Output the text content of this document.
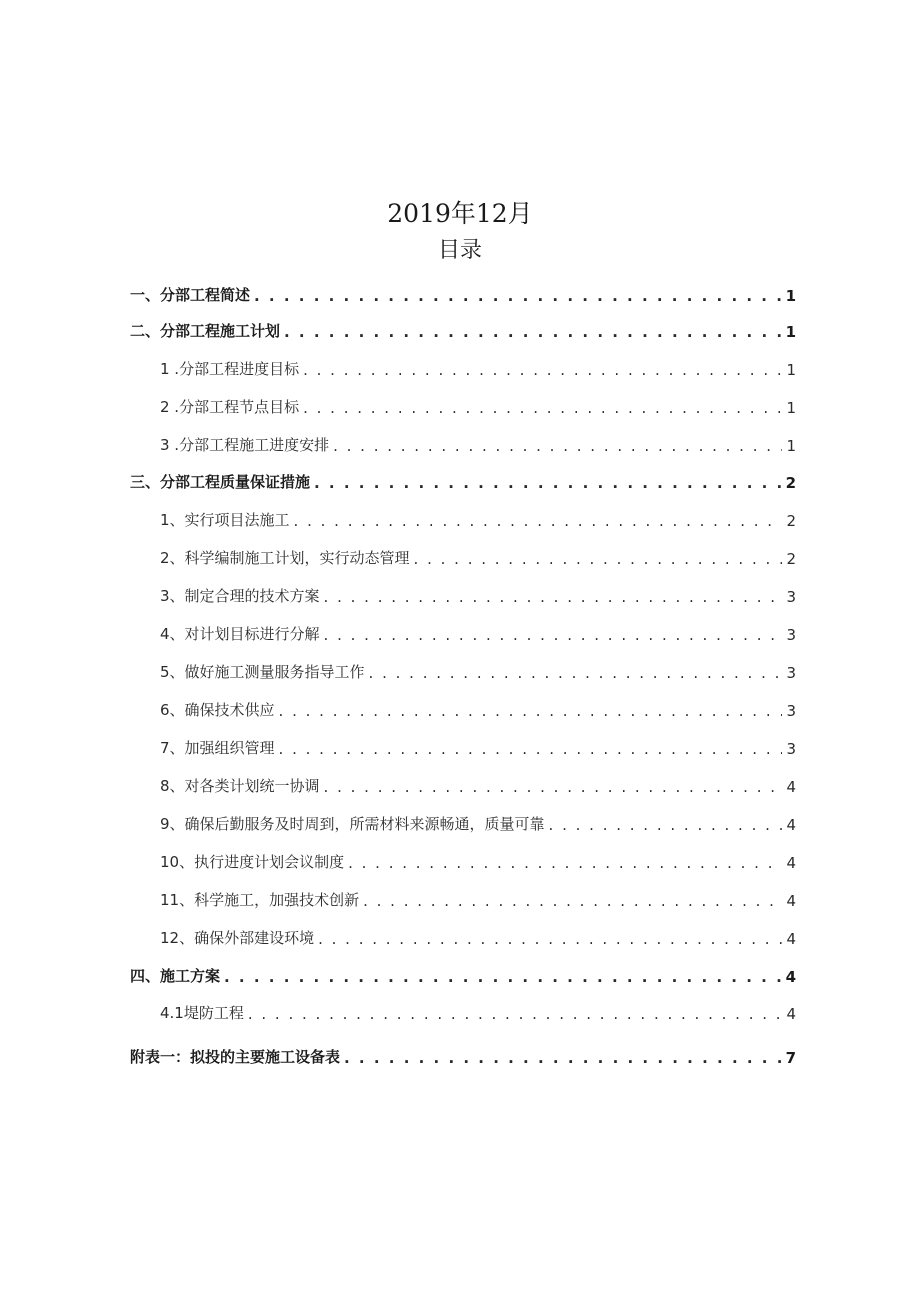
2019年12月
目录
一、分部工程简述 . . .	1
二、分部工程施工计划 . . .	1
1 .分部工程进度目标 . . .	1
2 .分部工程节点目标 . . .	1
3 .分部工程施工进度安排 . . .	1
三、分部工程质量保证措施 . . .	2
1、实行项目法施工 . . .	2
2、科学编制施工计划，实行动态管理 . . .	2
3、制定合理的技术方案 . . .	3
4、对计划目标进行分解 . . .	3
5、做好施工测量服务指导工作 . . .	3
6、确保技术供应 . . .	3
7、加强组织管理 . . .	3
8、对各类计划统一协调 . . .	4
9、确保后勤服务及时周到，所需材料来源畅通，质量可靠 . . .	4
10、执行进度计划会议制度 . . .	4
11、科学施工，加强技术创新 . . .	4
12、确保外部建设环境 . . .	4
四、施工方案 . . .	4
4.1堤防工程 . . .	4
附表一：拟投的主要施工设备表 . . .	7
